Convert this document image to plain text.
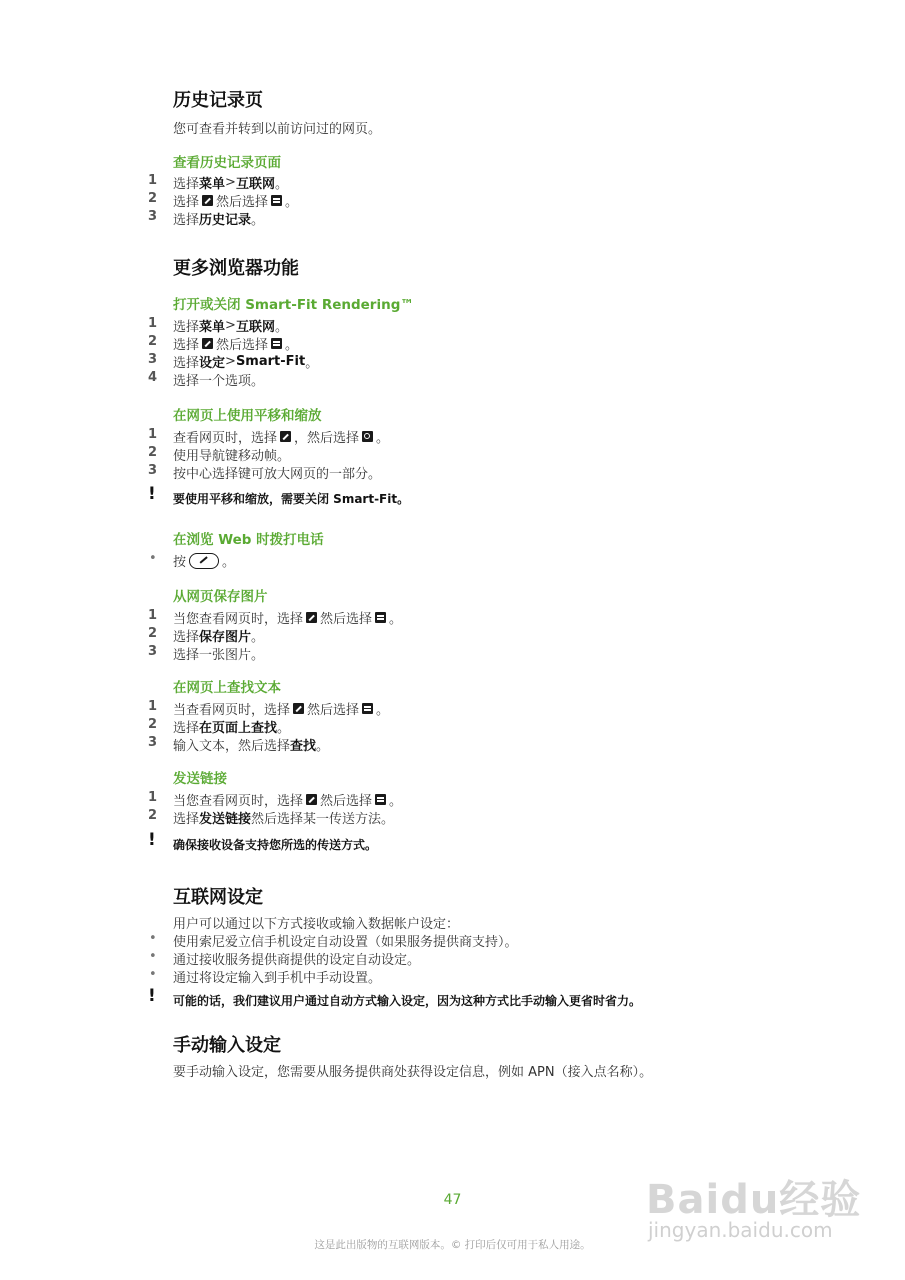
历史记录页
您可查看并转到以前访问过的网页。
查看历史记录页面
1 选择 菜单 > 互联网 。
2 选择 然后选择 。
3 选择 历史记录 。
更多浏览器功能
打开或关闭 Smart-Fit Rendering™
1 选择 菜单 > 互联网 。
2 选择 然后选择 。
3 选择 设定 > Smart-Fit 。
4 选择一个选项。
在网页上使用平移和缩放
1 查看网页时，选择 ，然后选择 。
2 使用导航键移动帧。
3 按中心选择键可放大网页的一部分。
! 要使用平移和缩放，需要关闭 Smart-Fit。
在浏览 Web 时拨打电话
• 按	。
从网页保存图片
1 当您查看网页时，选择 然后选择 。
2 选择 保存图片 。
3 选择一张图片。
在网页上查找文本
1 当查看网页时，选择 然后选择 。
2 选择 在页面上查找 。
3 输入文本，然后选择 查找 。
发送链接
1 当您查看网页时，选择 然后选择 。
2 选择 发送链接 然后选择某一传送方法。
! 确保接收设备支持您所选的传送方式。
互联网设定
用户可以通过以下方式接收或输入数据帐户设定：
• 使用索尼爱立信手机设定自动设置（如果服务提供商支持）。
• 通过接收服务提供商提供的设定自动设定。
• 通过将设定输入到手机中手动设置。
! 可能的话，我们建议用户通过自动方式输入设定，因为这种方式比手动输入更省时省力。
手动输入设定
要手动输入设定，您需要从服务提供商处获得设定信息，例如 APN（接入点名称）。
Baidu经验
jingyan.baidu.com
47
这是此出版物的互联网版本。© 打印后仅可用于私人用途。
